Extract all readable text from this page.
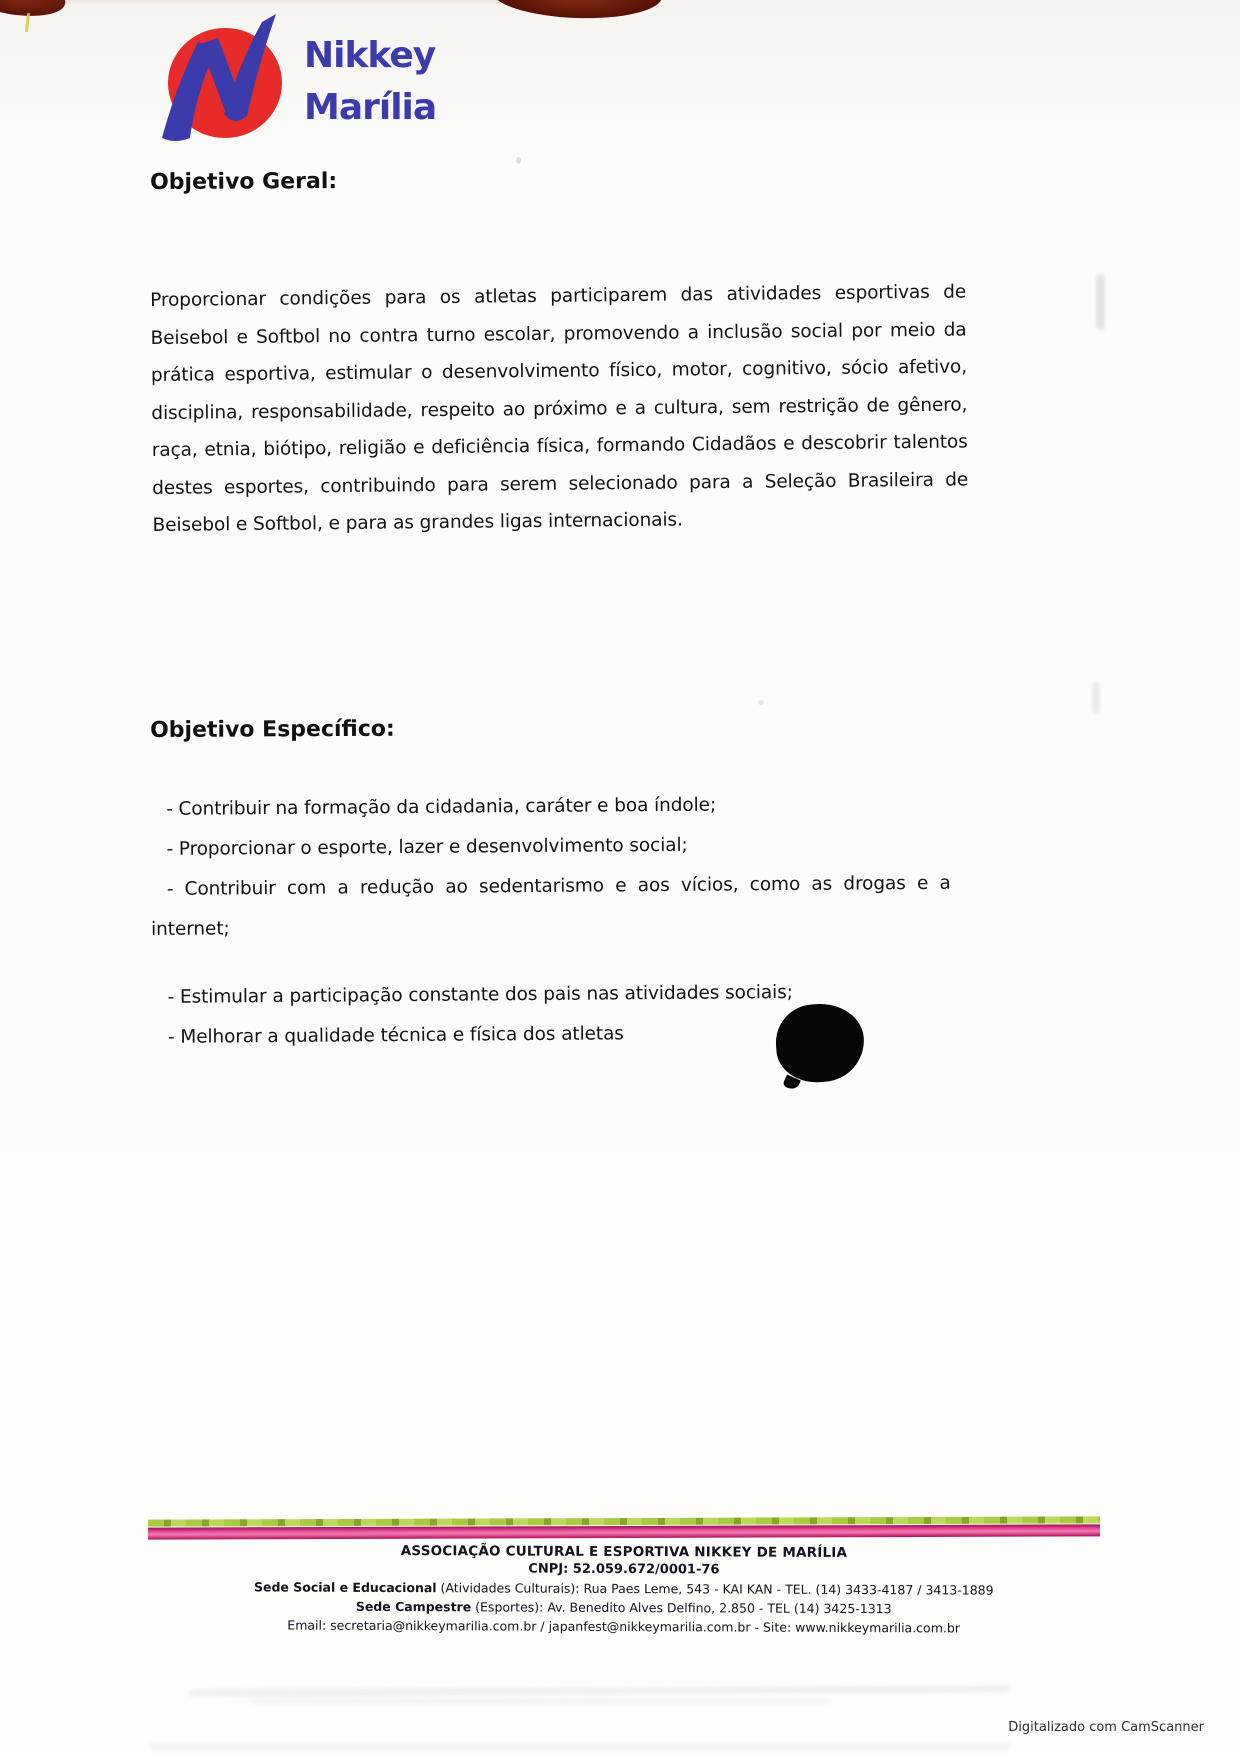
Nikkey
Marília
Objetivo Geral:
Proporcionar condições para os atletas participarem das atividades esportivas de Beisebol e Softbol no contra turno escolar, promovendo a inclusão social por meio da prática esportiva, estimular o desenvolvimento físico, motor, cognitivo, sócio afetivo, disciplina, responsabilidade, respeito ao próximo e a cultura, sem restrição de gênero, raça, etnia, biótipo, religião e deficiência física, formando Cidadãos e descobrir talentos destes esportes, contribuindo para serem selecionado para a Seleção Brasileira de Beisebol e Softbol, e para as grandes ligas internacionais.
Objetivo Específico:
- Contribuir na formação da cidadania, caráter e boa índole;
- Proporcionar o esporte, lazer e desenvolvimento social;
- Contribuir com a redução ao sedentarismo e aos vícios, como as drogas e a internet;
- Estimular a participação constante dos pais nas atividades sociais;
- Melhorar a qualidade técnica e física dos atletas
ASSOCIAÇÃO CULTURAL E ESPORTIVA NIKKEY DE MARÍLIA
CNPJ: 52.059.672/0001-76
Sede Social e Educacional (Atividades Culturais): Rua Paes Leme, 543 - KAI KAN - TEL. (14) 3433-4187 / 3413-1889
Sede Campestre (Esportes): Av. Benedito Alves Delfino, 2.850 - TEL (14) 3425-1313
Email: secretaria@nikkeymarilia.com.br / japanfest@nikkeymarilia.com.br - Site: www.nikkeymarilia.com.br
Digitalizado com CamScanner
